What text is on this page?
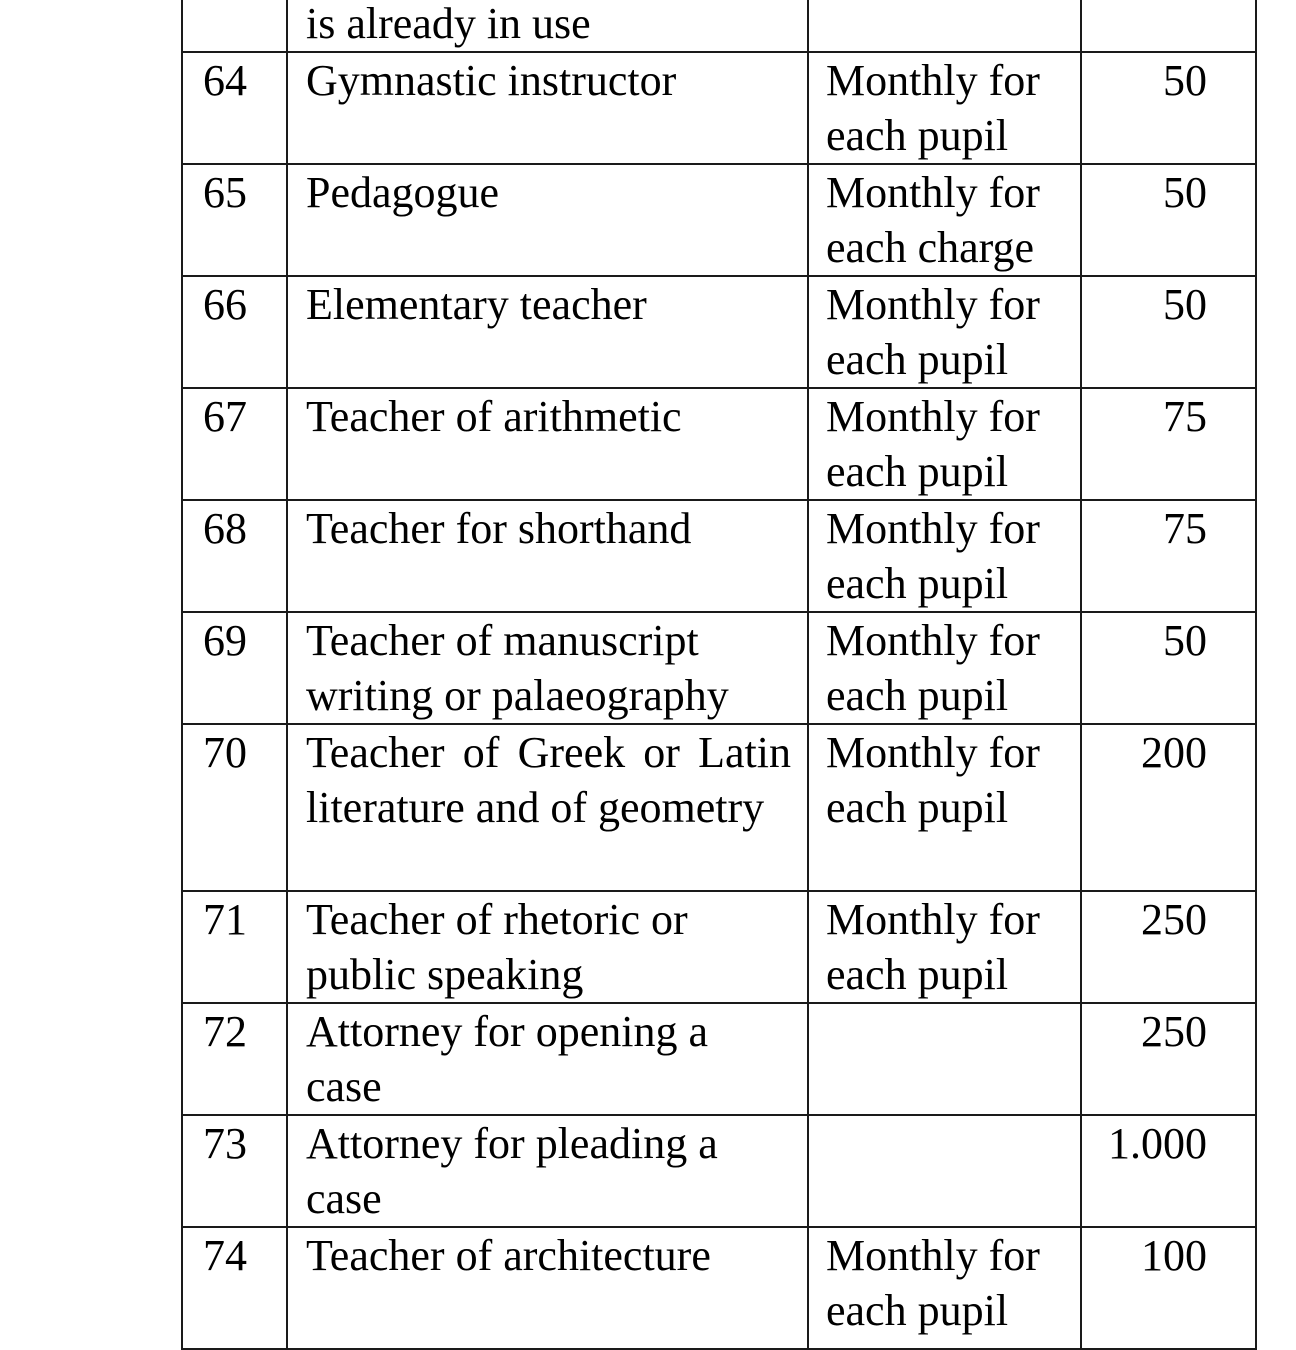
	is already in use		
64	Gymnastic instructor	Monthly for each pupil	50
65	Pedagogue	Monthly for each charge	50
66	Elementary teacher	Monthly for each pupil	50
67	Teacher of arithmetic	Monthly for each pupil	75
68	Teacher for shorthand	Monthly for each pupil	75
69	Teacher of manuscript writing or palaeography	Monthly for each pupil	50
70	Teacher of Greek or Latin literature and of geometry	Monthly for each pupil	200
71	Teacher of rhetoric or public speaking	Monthly for each pupil	250
72	Attorney for opening a case		250
73	Attorney for pleading a case		1.000
74	Teacher of architecture	Monthly for each pupil	100
